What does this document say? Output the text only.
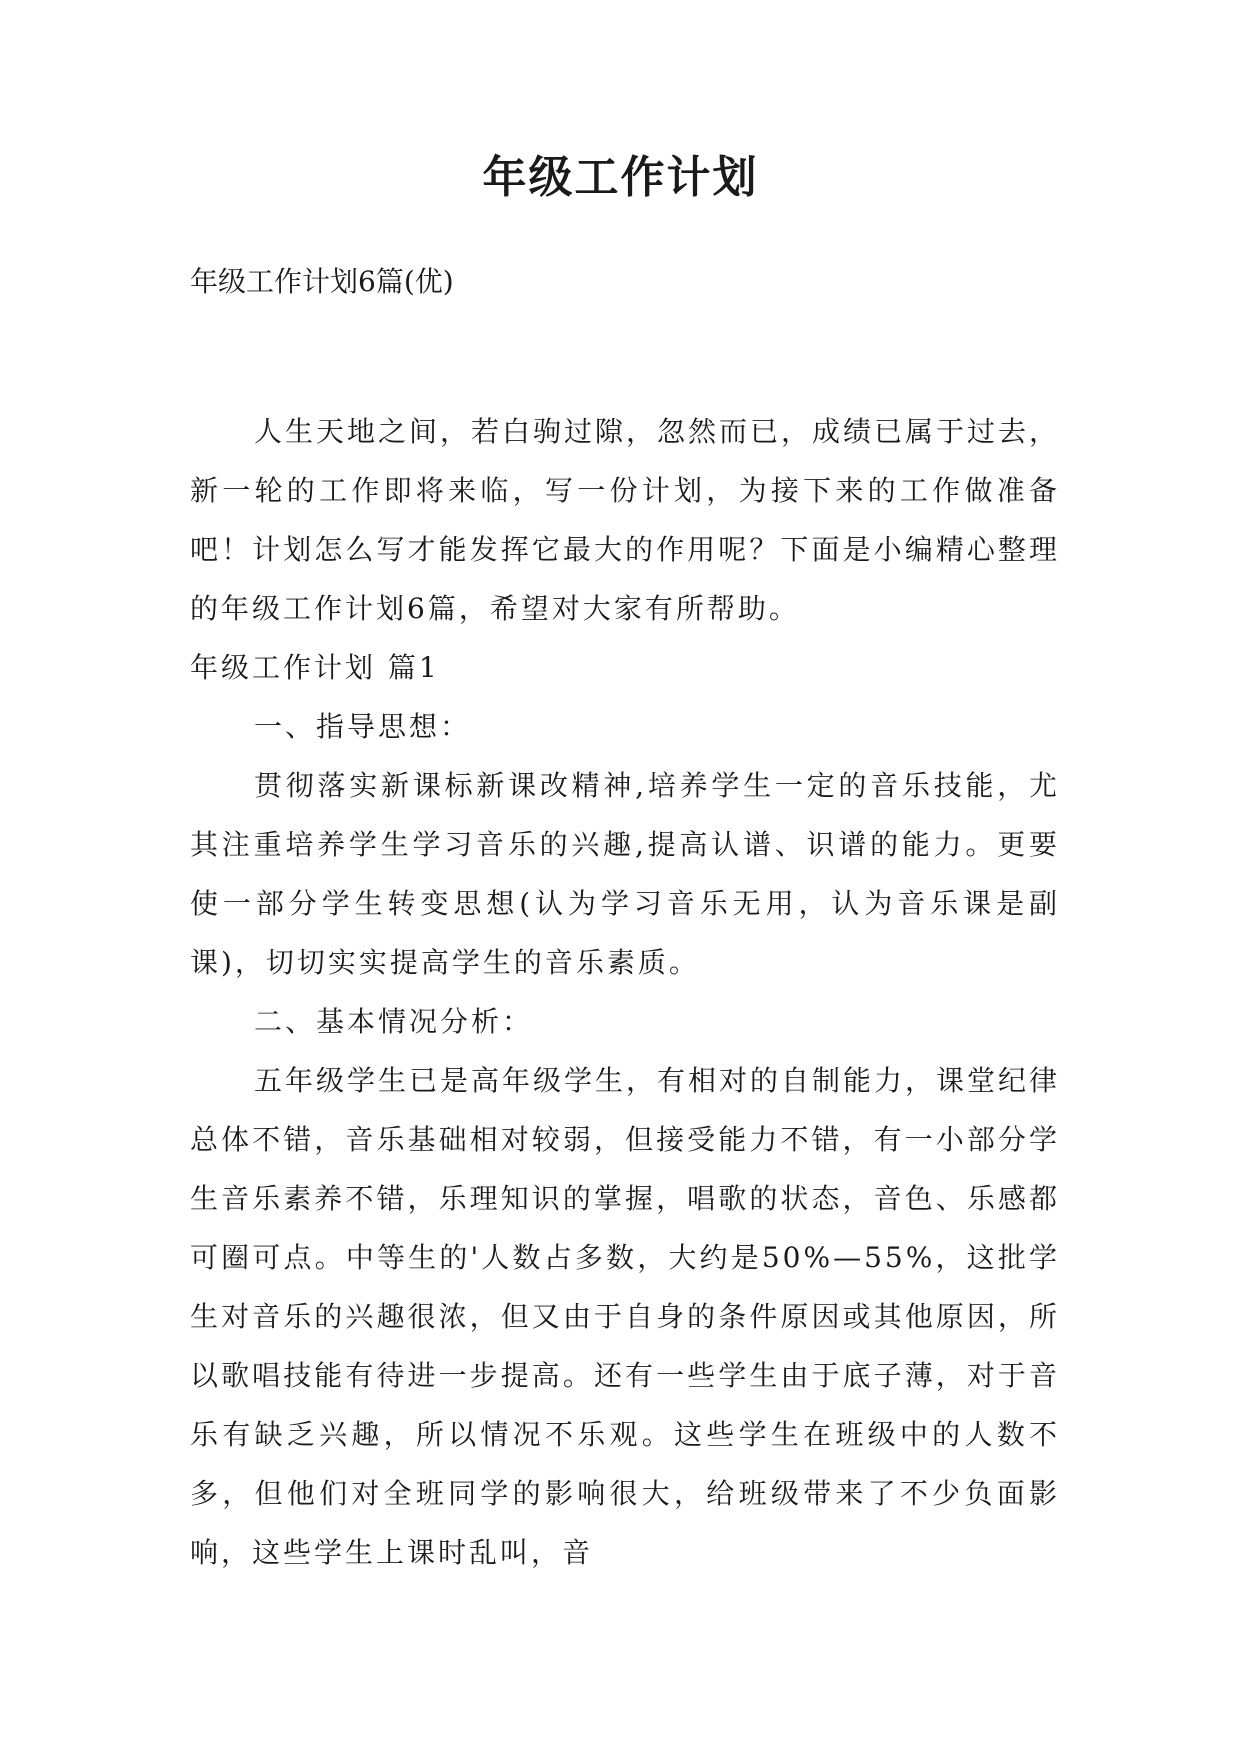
年级工作计划

年级工作计划6篇(优)

人生天地之间，若白驹过隙，忽然而已，成绩已属于过去，新一轮的工作即将来临，写一份计划，为接下来的工作做准备吧！计划怎么写才能发挥它最大的作用呢？下面是小编精心整理的年级工作计划6篇，希望对大家有所帮助。

年级工作计划 篇1

一、指导思想：

贯彻落实新课标新课改精神,培养学生一定的音乐技能，尤其注重培养学生学习音乐的兴趣,提高认谱、识谱的能力。更要使一部分学生转变思想(认为学习音乐无用，认为音乐课是副课)，切切实实提高学生的音乐素质。

二、基本情况分析：

五年级学生已是高年级学生，有相对的自制能力，课堂纪律总体不错，音乐基础相对较弱，但接受能力不错，有一小部分学生音乐素养不错，乐理知识的掌握，唱歌的状态，音色、乐感都可圈可点。中等生的'人数占多数，大约是50%—55%，这批学生对音乐的兴趣很浓，但又由于自身的条件原因或其他原因，所以歌唱技能有待进一步提高。还有一些学生由于底子薄，对于音乐有缺乏兴趣，所以情况不乐观。这些学生在班级中的人数不多，但他们对全班同学的影响很大，给班级带来了不少负面影响，这些学生上课时乱叫，音
